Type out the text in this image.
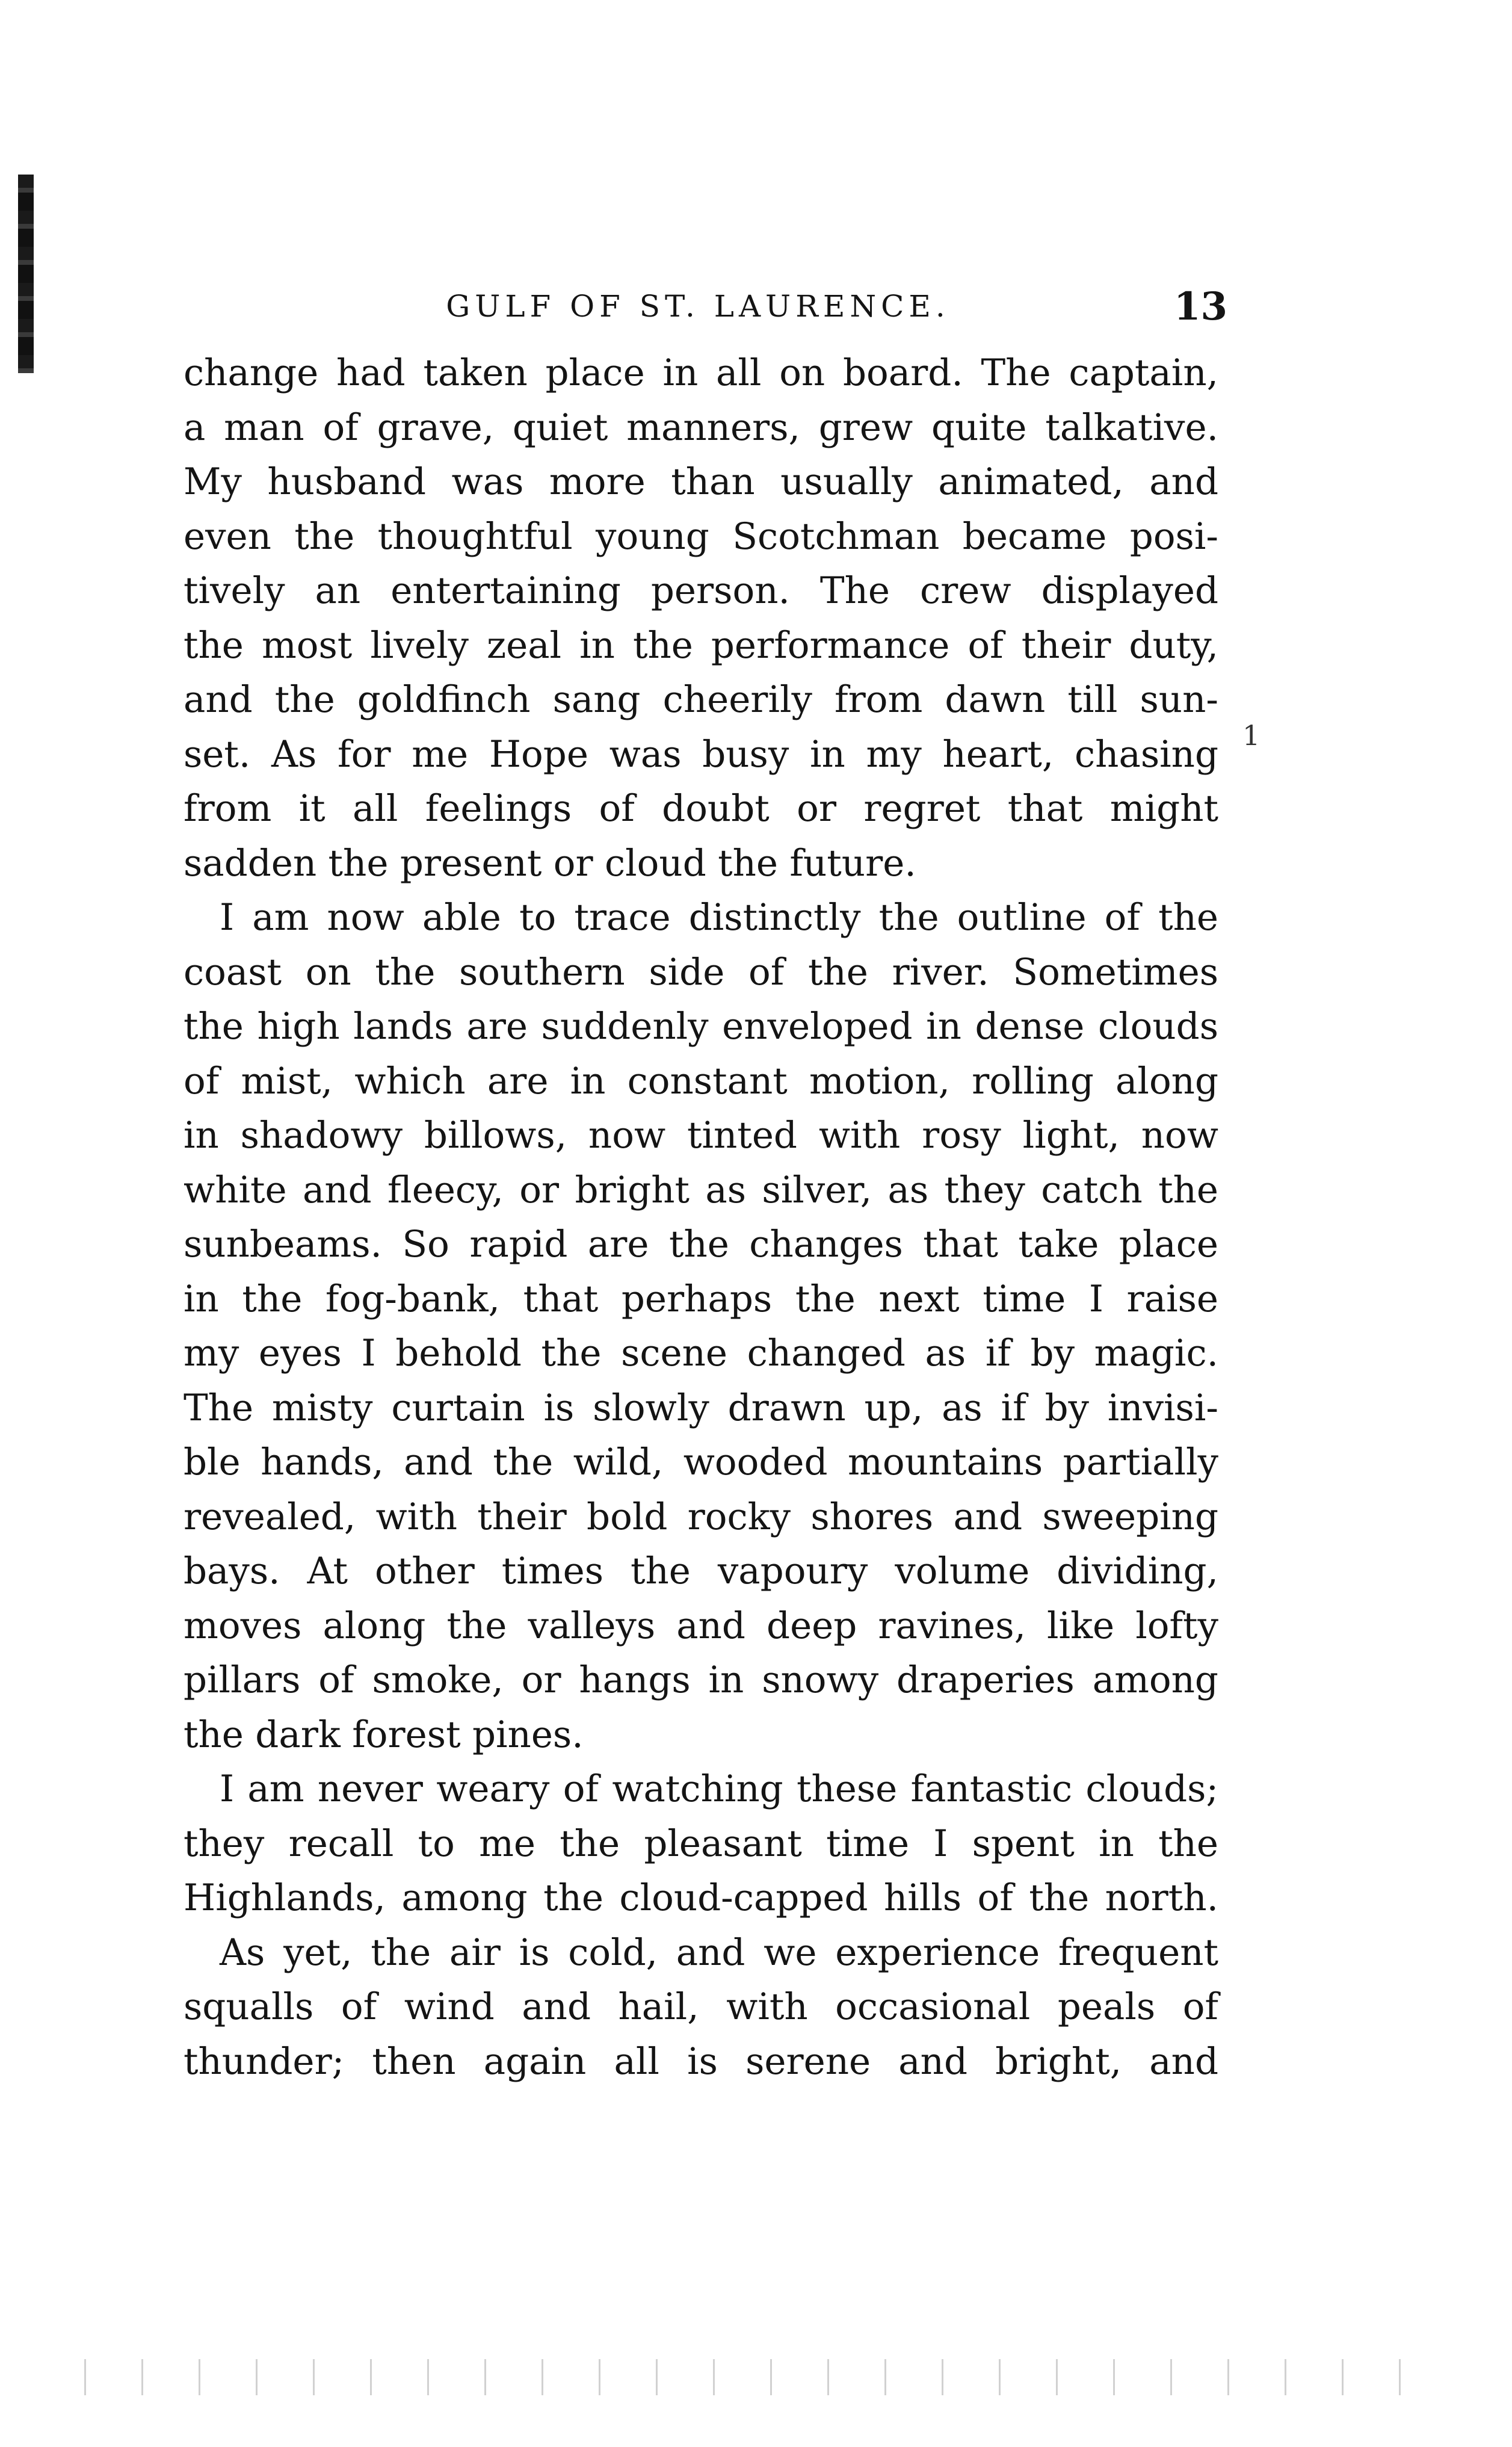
GULF OF ST. LAURENCE.	13
1
change had taken place in all on board. The captain,
a man of grave, quiet manners, grew quite talkative.
My husband was more than usually animated, and
even the thoughtful young Scotchman became posi-
tively an entertaining person. The crew displayed
the most lively zeal in the performance of their duty,
and the goldfinch sang cheerily from dawn till sun-
set. As for me Hope was busy in my heart, chasing
from it all feelings of doubt or regret that might
sadden the present or cloud the future.
I am now able to trace distinctly the outline of the
coast on the southern side of the river. Sometimes
the high lands are suddenly enveloped in dense clouds
of mist, which are in constant motion, rolling along
in shadowy billows, now tinted with rosy light, now
white and fleecy, or bright as silver, as they catch the
sunbeams. So rapid are the changes that take place
in the fog-bank, that perhaps the next time I raise
my eyes I behold the scene changed as if by magic.
The misty curtain is slowly drawn up, as if by invisi-
ble hands, and the wild, wooded mountains partially
revealed, with their bold rocky shores and sweeping
bays. At other times the vapoury volume dividing,
moves along the valleys and deep ravines, like lofty
pillars of smoke, or hangs in snowy draperies among
the dark forest pines.
I am never weary of watching these fantastic clouds;
they recall to me the pleasant time I spent in the
Highlands, among the cloud-capped hills of the north.
As yet, the air is cold, and we experience frequent
squalls of wind and hail, with occasional peals of
thunder; then again all is serene and bright, and
